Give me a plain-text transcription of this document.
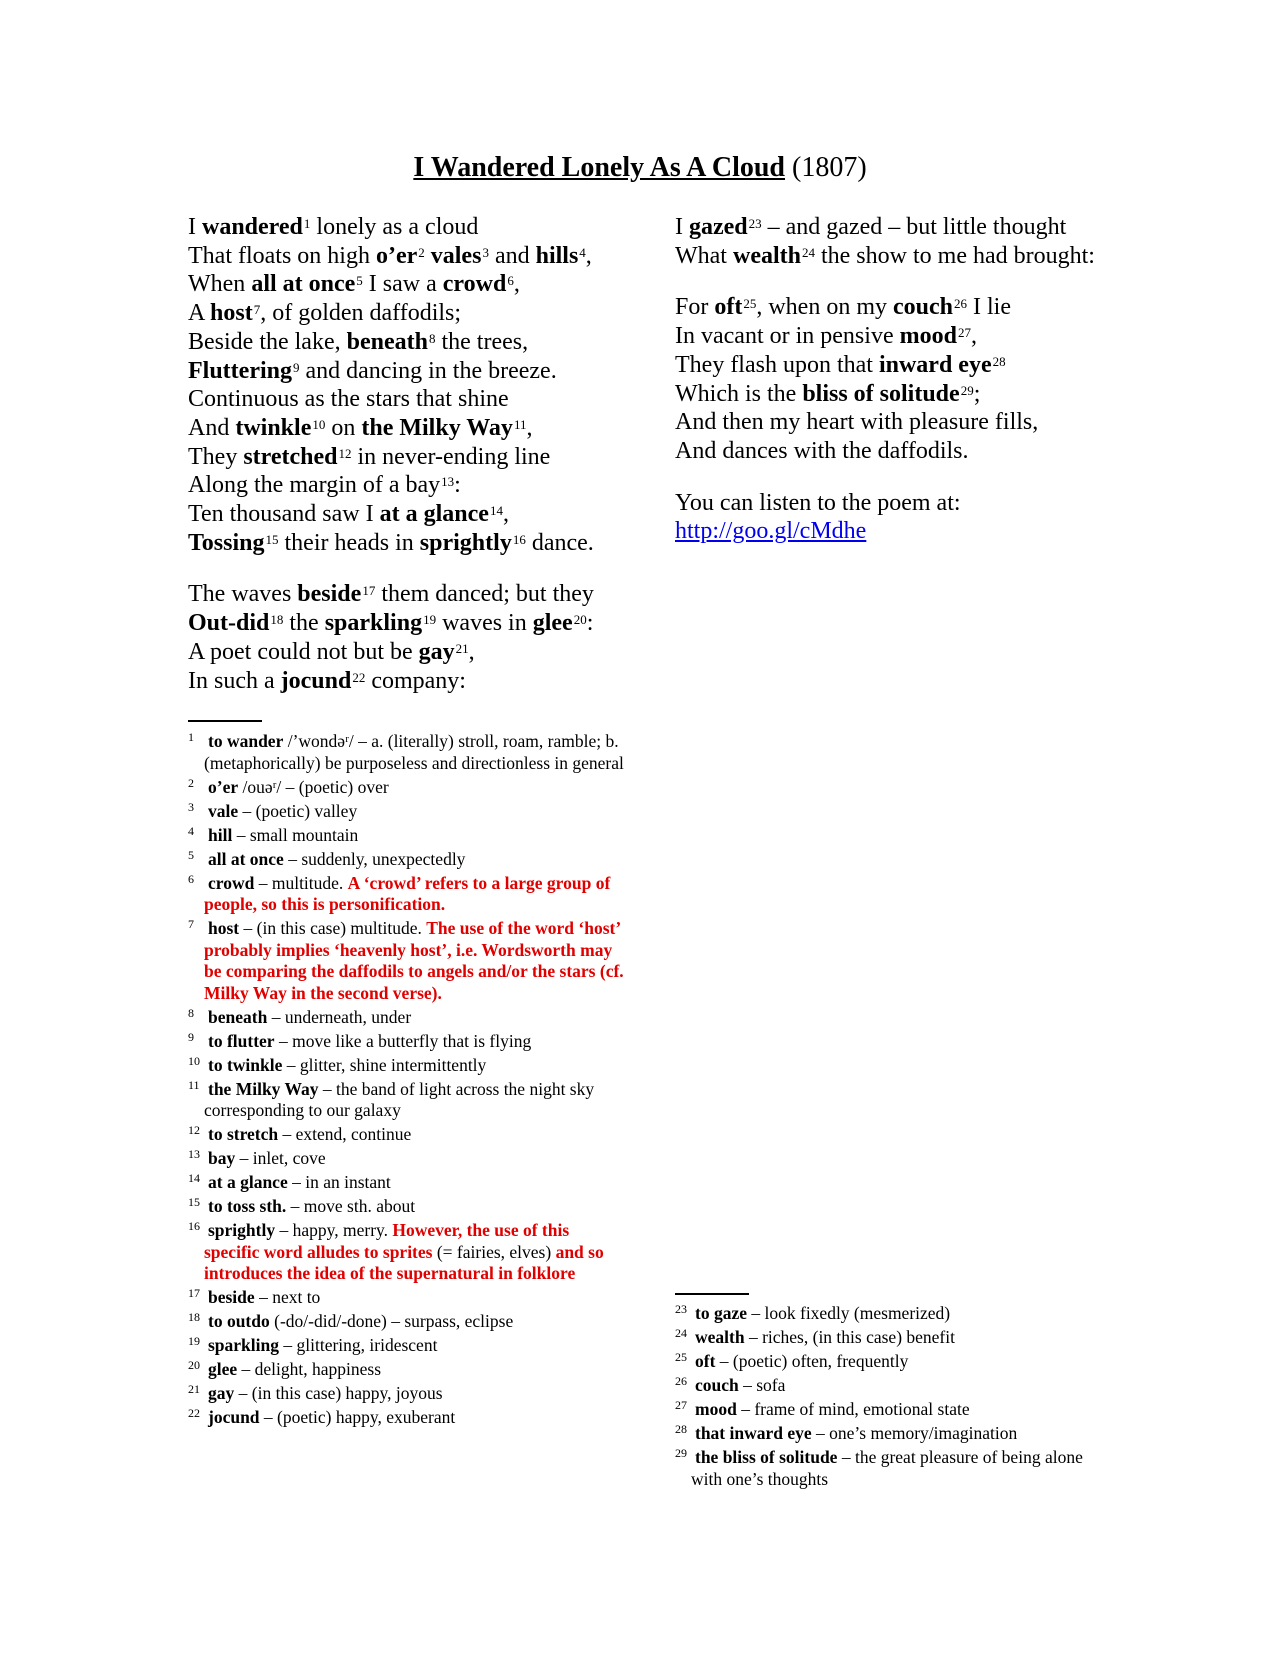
I Wandered Lonely As A Cloud (1807)
I wandered$^1$ lonely as a cloud
That floats on high $o’er^2$ vales$^3$ and hills$^4$,
When all at once$^5$ I saw a crowd$^6$,
A host$^7$, of golden daffodils;
Beside the lake, beneath$^8$ the trees,
Fluttering$^9$ and dancing in the breeze.
Continuous as the stars that shine
And twinkle$^{10}$ on the Milky Way$^{11}$,
They stretched$^{12}$ in never-ending line
Along the margin of a bay$^{13}$:
Ten thousand saw I at a glance$^{14}$,
Tossing$^{15}$ their heads in sprightly$^{16}$ dance.
The waves beside$^{17}$ them danced; but they
Out-did$^{18}$ the sparkling$^{19}$ waves in glee$^{20}$:
A poet could not but be gay$^{21}$,
In such a jocund$^{22}$ company:
I gazed$^{23}$ – and gazed – but little thought
What wealth$^{24}$ the show to me had brought:
For oft$^{25}$, when on my couch$^{26}$ I lie
In vacant or in pensive mood$^{27}$,
They flash upon that inward eye$^{28}$
Which is the bliss of solitude$^{29}$;
And then my heart with pleasure fills,
And dances with the daffodils.
You can listen to the poem at:
http://goo.gl/cMdhe
1 to wander /’wondəʳ/ – a. (literally) stroll, roam, ramble; b. (metaphorically) be purposeless and directionless in general
2 o’er /ouəʳ/ – (poetic) over
3 vale – (poetic) valley
4 hill – small mountain
5 all at once – suddenly, unexpectedly
6 crowd – multitude. A ‘crowd’ refers to a large group of people, so this is personification.
7 host – (in this case) multitude. The use of the word ‘host’ probably implies ‘heavenly host’, i.e. Wordsworth may be comparing the daffodils to angels and/or the stars (cf. Milky Way in the second verse).
8 beneath – underneath, under
9 to flutter – move like a butterfly that is flying
10 to twinkle – glitter, shine intermittently
11 the Milky Way – the band of light across the night sky corresponding to our galaxy
12 to stretch – extend, continue
13 bay – inlet, cove
14 at a glance – in an instant
15 to toss sth. – move sth. about
16 sprightly – happy, merry. However, the use of this specific word alludes to sprites (= fairies, elves) and so introduces the idea of the supernatural in folklore
17 beside – next to
18 to outdo (-do/-did/-done) – surpass, eclipse
19 sparkling – glittering, iridescent
20 glee – delight, happiness
21 gay – (in this case) happy, joyous
22 jocund – (poetic) happy, exuberant
23 to gaze – look fixedly (mesmerized)
24 wealth – riches, (in this case) benefit
25 oft – (poetic) often, frequently
26 couch – sofa
27 mood – frame of mind, emotional state
28 that inward eye – one’s memory/imagination
29 the bliss of solitude – the great pleasure of being alone with one’s thoughts
